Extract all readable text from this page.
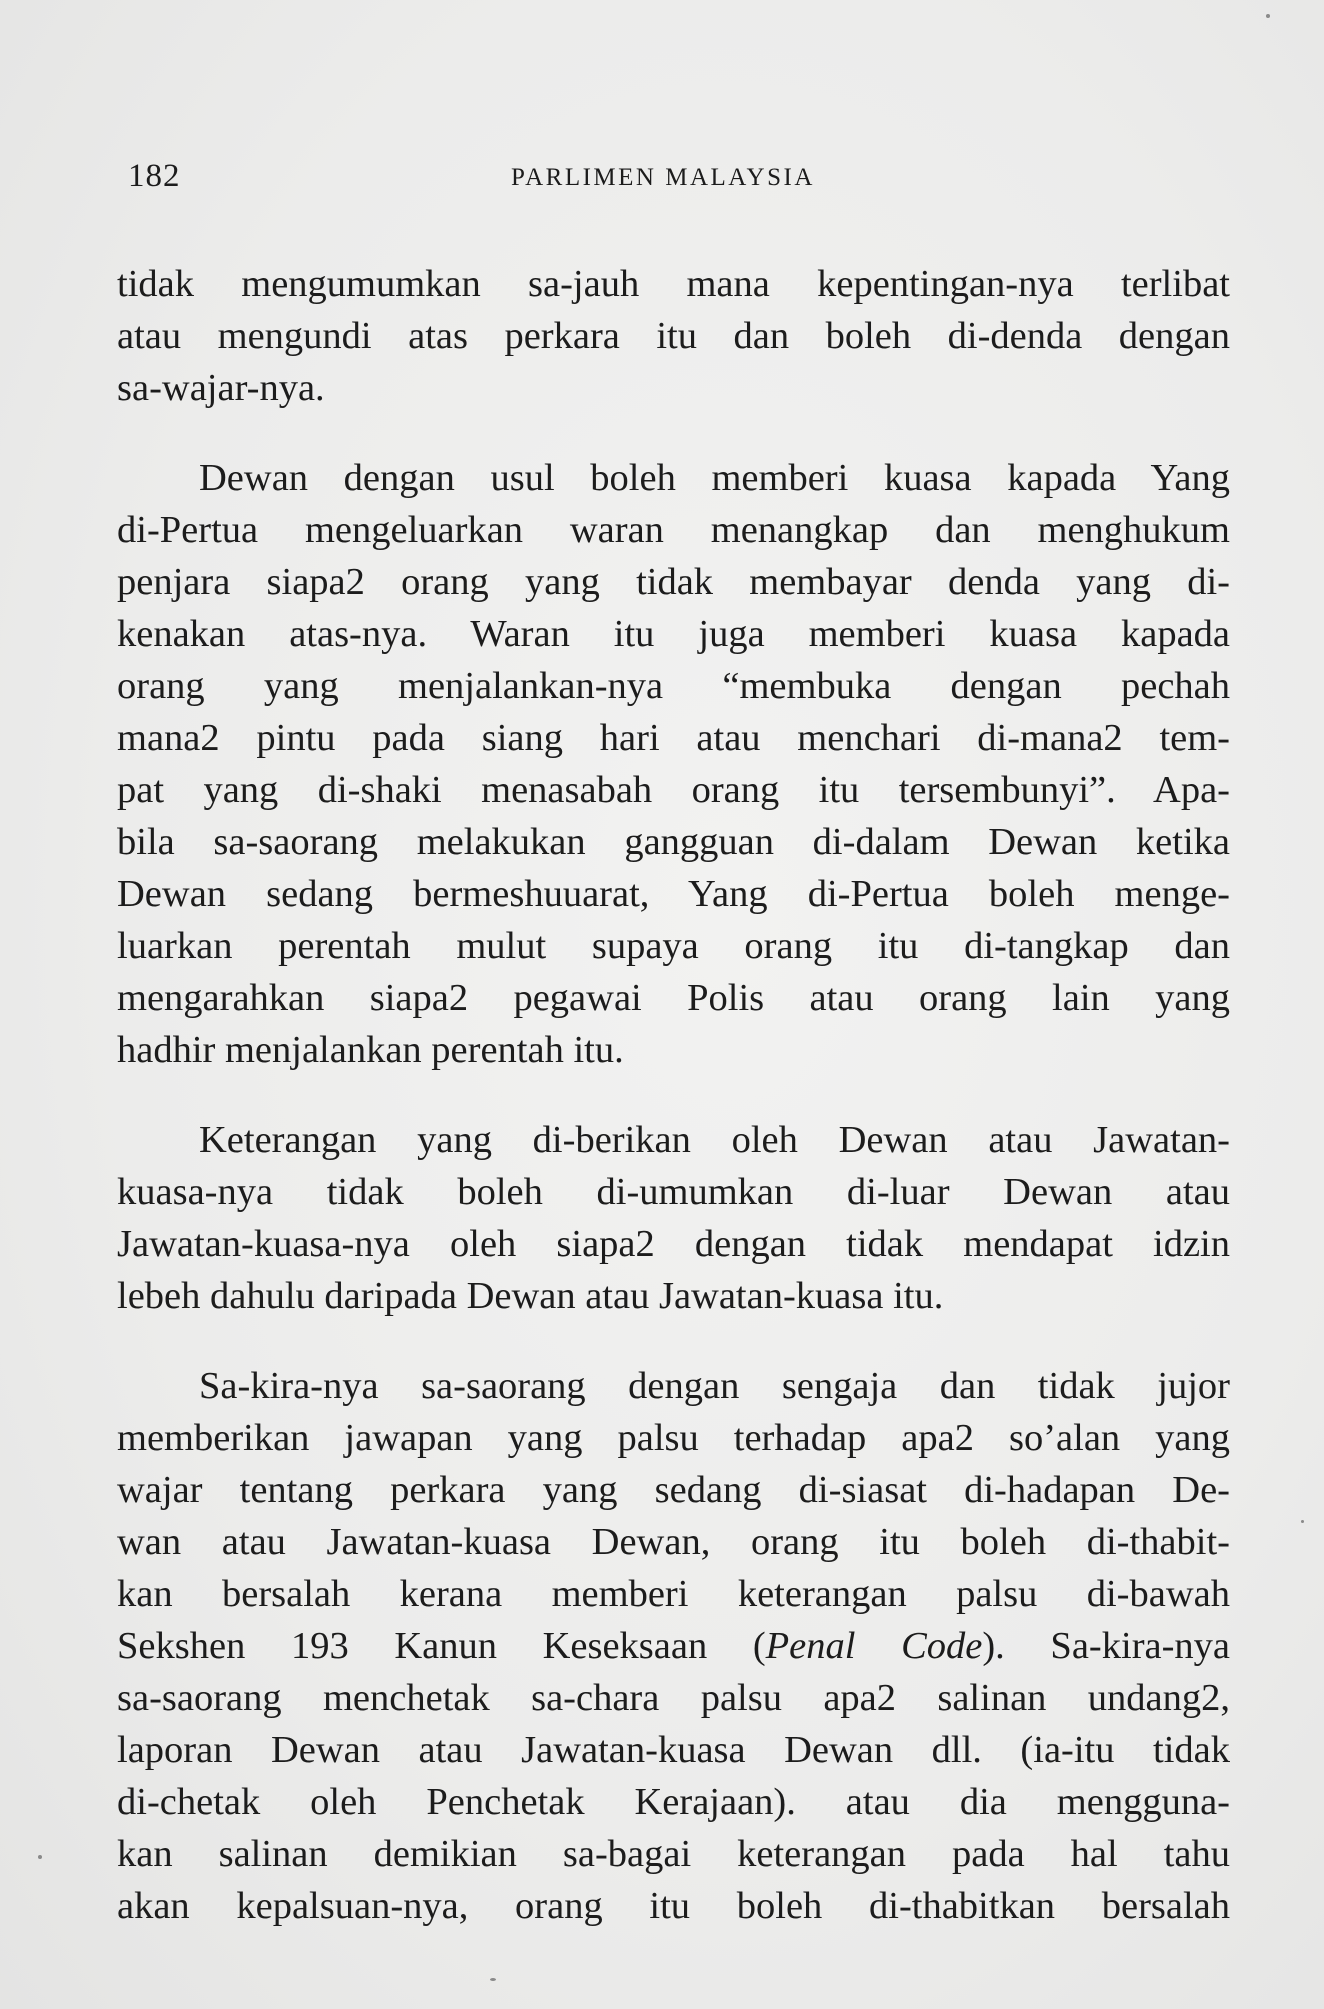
182	PARLIMEN MALAYSIA

tidak mengumumkan sa-jauh mana kepentingan-nya terlibat
atau mengundi atas perkara itu dan boleh di-denda dengan
sa-wajar-nya.

Dewan dengan usul boleh memberi kuasa kapada Yang
di-Pertua mengeluarkan waran menangkap dan menghukum
penjara siapa2 orang yang tidak membayar denda yang di-
kenakan atas-nya. Waran itu juga memberi kuasa kapada
orang yang menjalankan-nya “membuka dengan pechah
mana2 pintu pada siang hari atau menchari di-mana2 tem-
pat yang di-shaki menasabah orang itu tersembunyi”. Apa-
bila sa-saorang melakukan gangguan di-dalam Dewan ketika
Dewan sedang bermeshuuarat, Yang di-Pertua boleh menge-
luarkan perentah mulut supaya orang itu di-tangkap dan
mengarahkan siapa2 pegawai Polis atau orang lain yang
hadhir menjalankan perentah itu.

Keterangan yang di-berikan oleh Dewan atau Jawatan-
kuasa-nya tidak boleh di-umumkan di-luar Dewan atau
Jawatan-kuasa-nya oleh siapa2 dengan tidak mendapat idzin
lebeh dahulu daripada Dewan atau Jawatan-kuasa itu.

Sa-kira-nya sa-saorang dengan sengaja dan tidak jujor
memberikan jawapan yang palsu terhadap apa2 so’alan yang
wajar tentang perkara yang sedang di-siasat di-hadapan De-
wan atau Jawatan-kuasa Dewan, orang itu boleh di-thabit-
kan bersalah kerana memberi keterangan palsu di-bawah
Sekshen 193 Kanun Keseksaan (Penal Code). Sa-kira-nya
sa-saorang menchetak sa-chara palsu apa2 salinan undang2,
laporan Dewan atau Jawatan-kuasa Dewan dll. (ia-itu tidak
di-chetak oleh Penchetak Kerajaan). atau dia mengguna-
kan salinan demikian sa-bagai keterangan pada hal tahu
akan kepalsuan-nya, orang itu boleh di-thabitkan bersalah
